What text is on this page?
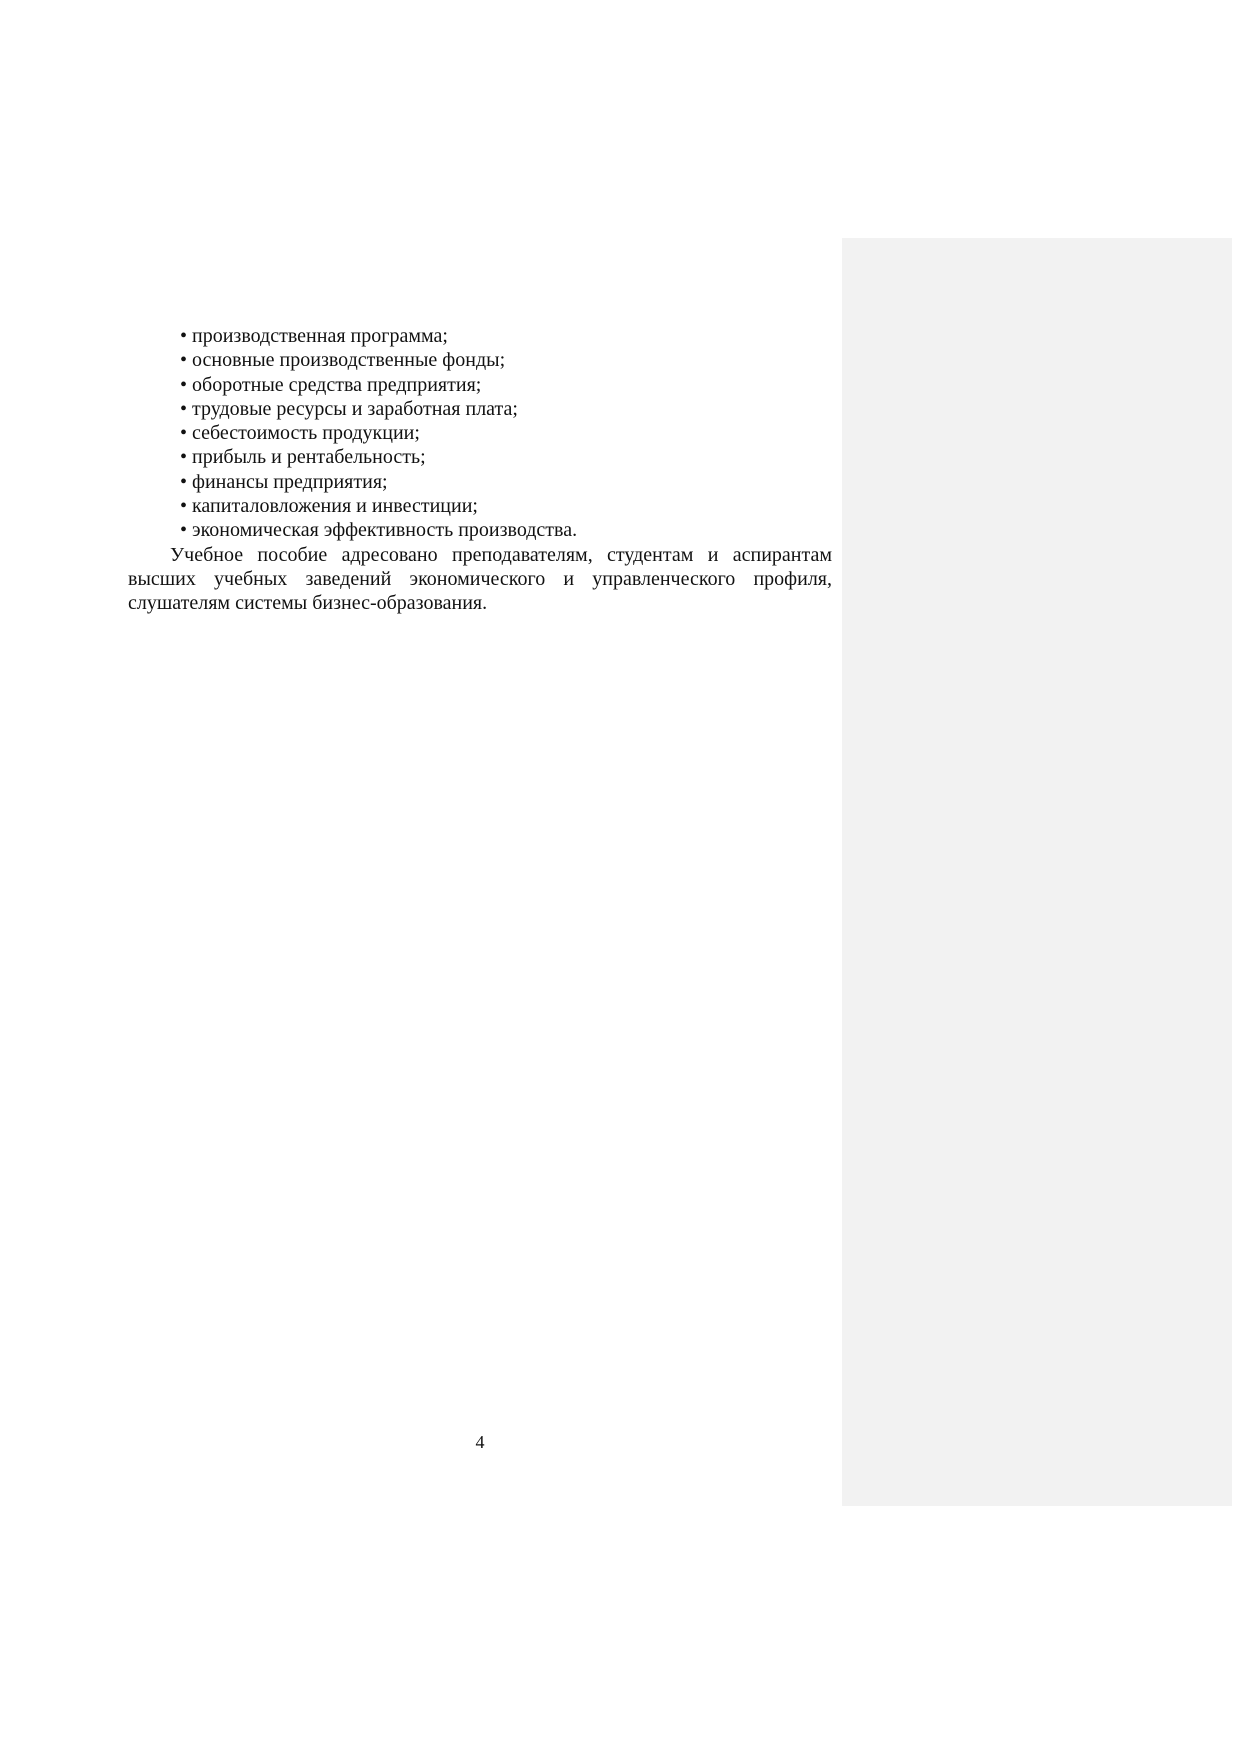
• производственная программа;
• основные производственные фонды;
• оборотные средства предприятия;
• трудовые ресурсы и заработная плата;
• себестоимость продукции;
• прибыль и рентабельность;
• финансы предприятия;
• капиталовложения и инвестиции;
• экономическая эффективность производства.

Учебное пособие адресовано преподавателям, студентам и аспирантам высших учебных заведений экономического и управленческого профиля, слушателям системы бизнес-образования.

4
